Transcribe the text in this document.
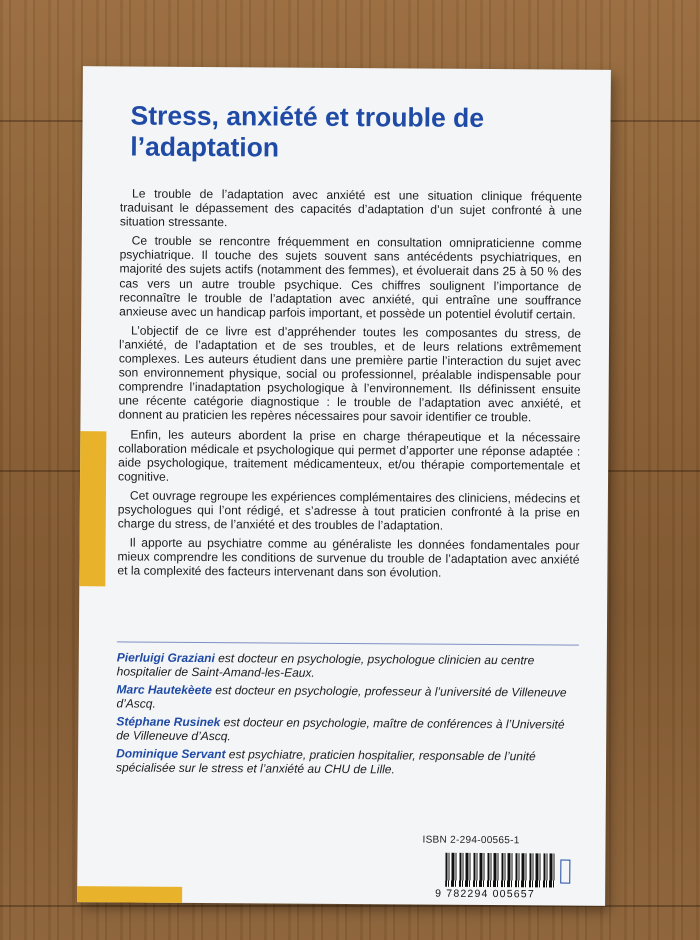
Stress, anxiété et trouble de l’adaptation

Le trouble de l’adaptation avec anxiété est une situation clinique fréquente traduisant le dépassement des capacités d’adaptation d’un sujet confronté à une situation stressante.

Ce trouble se rencontre fréquemment en consultation omnipraticienne comme psychiatrique. Il touche des sujets souvent sans antécédents psychiatriques, en majorité des sujets actifs (notamment des femmes), et évoluerait dans 25 à 50 % des cas vers un autre trouble psychique. Ces chiffres soulignent l’importance de reconnaître le trouble de l’adaptation avec anxiété, qui entraîne une souffrance anxieuse avec un handicap parfois important, et possède un potentiel évolutif certain.

L’objectif de ce livre est d’appréhender toutes les composantes du stress, de l’anxiété, de l’adaptation et de ses troubles, et de leurs relations extrêmement complexes. Les auteurs étudient dans une première partie l’interaction du sujet avec son environnement physique, social ou professionnel, préalable indispensable pour comprendre l’inadaptation psychologique à l’environnement. Ils définissent ensuite une récente catégorie diagnostique : le trouble de l’adaptation avec anxiété, et donnent au praticien les repères nécessaires pour savoir identifier ce trouble.

Enfin, les auteurs abordent la prise en charge thérapeutique et la nécessaire collaboration médicale et psychologique qui permet d’apporter une réponse adaptée : aide psychologique, traitement médicamenteux, et/ou thérapie comportementale et cognitive.

Cet ouvrage regroupe les expériences complémentaires des cliniciens, médecins et psychologues qui l’ont rédigé, et s’adresse à tout praticien confronté à la prise en charge du stress, de l’anxiété et des troubles de l’adaptation.

Il apporte au psychiatre comme au généraliste les données fondamentales pour mieux comprendre les conditions de survenue du trouble de l’adaptation avec anxiété et la complexité des facteurs intervenant dans son évolution.

Pierluigi Graziani est docteur en psychologie, psychologue clinicien au centre hospitalier de Saint-Amand-les-Eaux.

Marc Hautekèete est docteur en psychologie, professeur à l’université de Villeneuve d’Ascq.

Stéphane Rusinek est docteur en psychologie, maître de conférences à l’Université de Villeneuve d’Ascq.

Dominique Servant est psychiatre, praticien hospitalier, responsable de l’unité spécialisée sur le stress et l’anxiété au CHU de Lille.

ISBN 2-294-00565-1
9 782294 005657
